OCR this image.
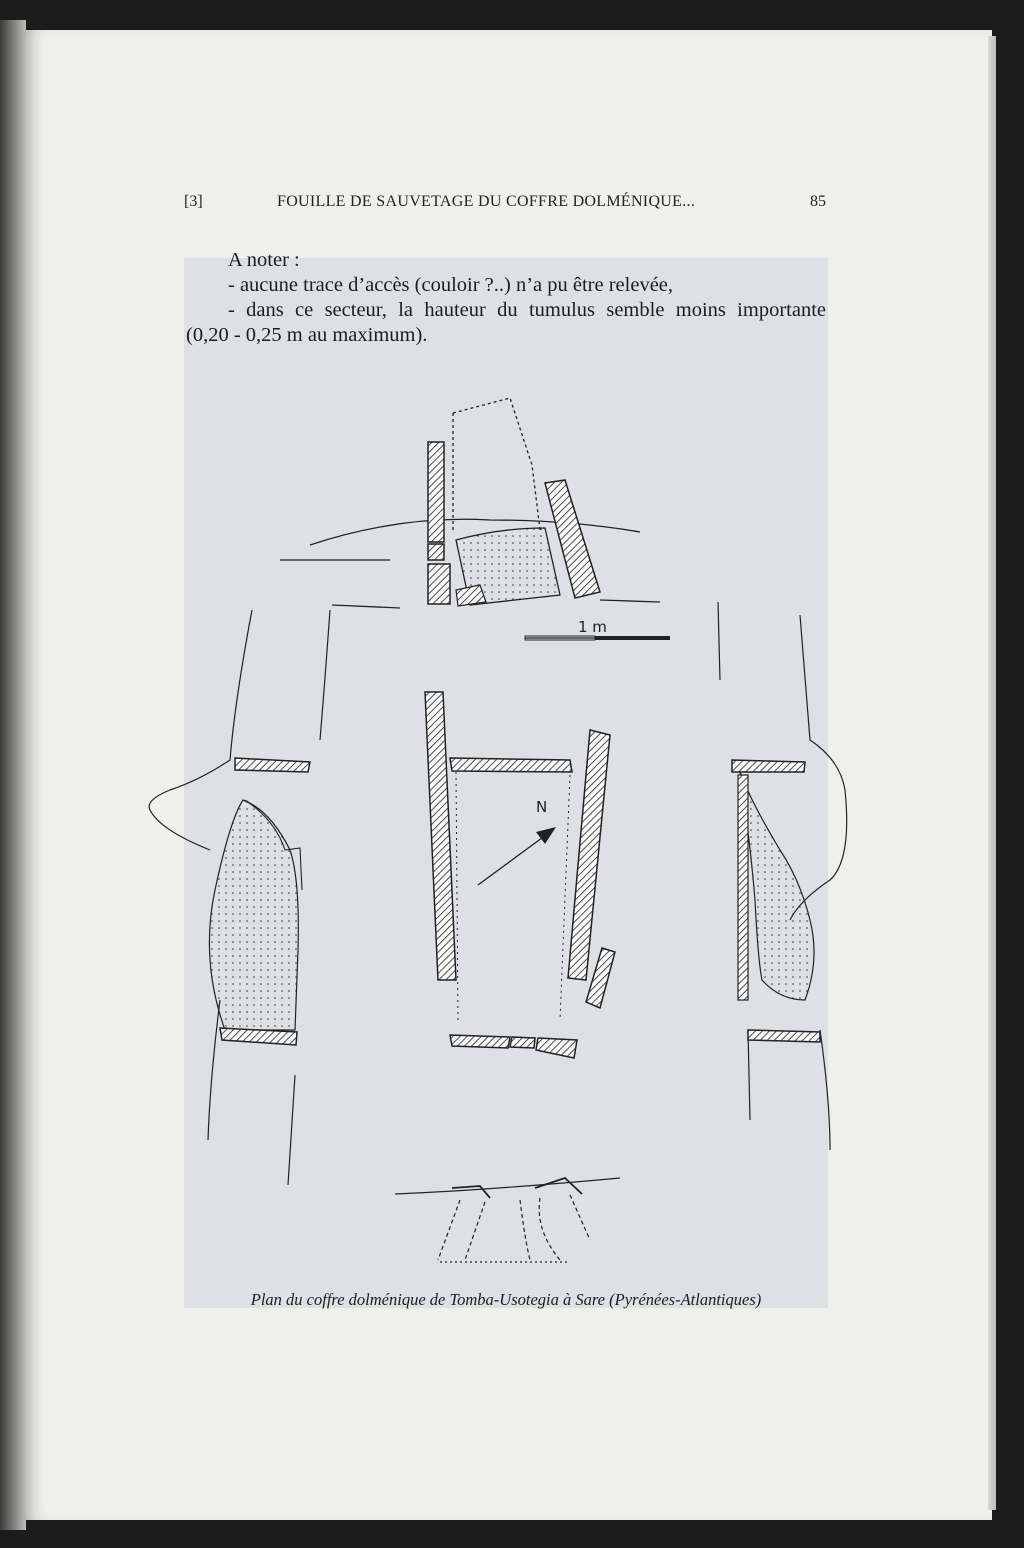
[3]	FOUILLE DE SAUVETAGE DU COFFRE DOLMÉNIQUE...	85

A noter :

- aucune trace d’accès (couloir ?..) n’a pu être relevée,

- dans ce secteur, la hauteur du tumulus semble moins importante

(0,20 - 0,25 m au maximum).

1 m
N
Plan du coffre dolménique de Tomba-Usotegia à Sare (Pyrénées-Atlantiques)
